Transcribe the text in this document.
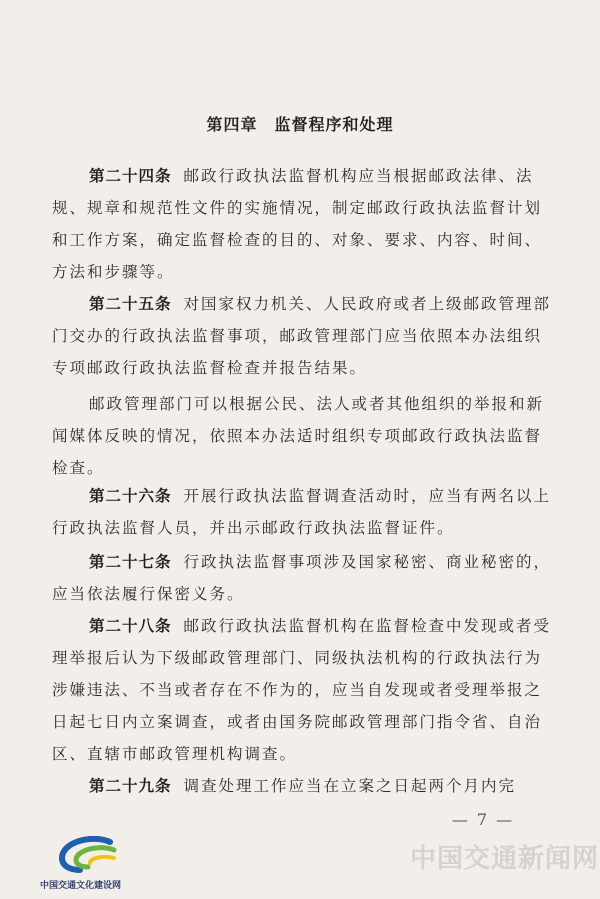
第四章　监督程序和处理
第二十四条 邮政行政执法监督机构应当根据邮政法律、法规、规章和规范性文件的实施情况，制定邮政行政执法监督计划和工作方案，确定监督检查的目的、对象、要求、内容、时间、方法和步骤等。
第二十五条 对国家权力机关、人民政府或者上级邮政管理部门交办的行政执法监督事项，邮政管理部门应当依照本办法组织专项邮政行政执法监督检查并报告结果。
邮政管理部门可以根据公民、法人或者其他组织的举报和新闻媒体反映的情况，依照本办法适时组织专项邮政行政执法监督检查。
第二十六条 开展行政执法监督调查活动时，应当有两名以上行政执法监督人员，并出示邮政行政执法监督证件。
第二十七条 行政执法监督事项涉及国家秘密、商业秘密的，应当依法履行保密义务。
第二十八条 邮政行政执法监督机构在监督检查中发现或者受理举报后认为下级邮政管理部门、同级执法机构的行政执法行为涉嫌违法、不当或者存在不作为的，应当自发现或者受理举报之日起七日内立案调查，或者由国务院邮政管理部门指令省、自治区、直辖市邮政管理机构调查。
第二十九条 调查处理工作应当在立案之日起两个月内完
— 7 —
中国交通新闻网
中国交通文化建设网
